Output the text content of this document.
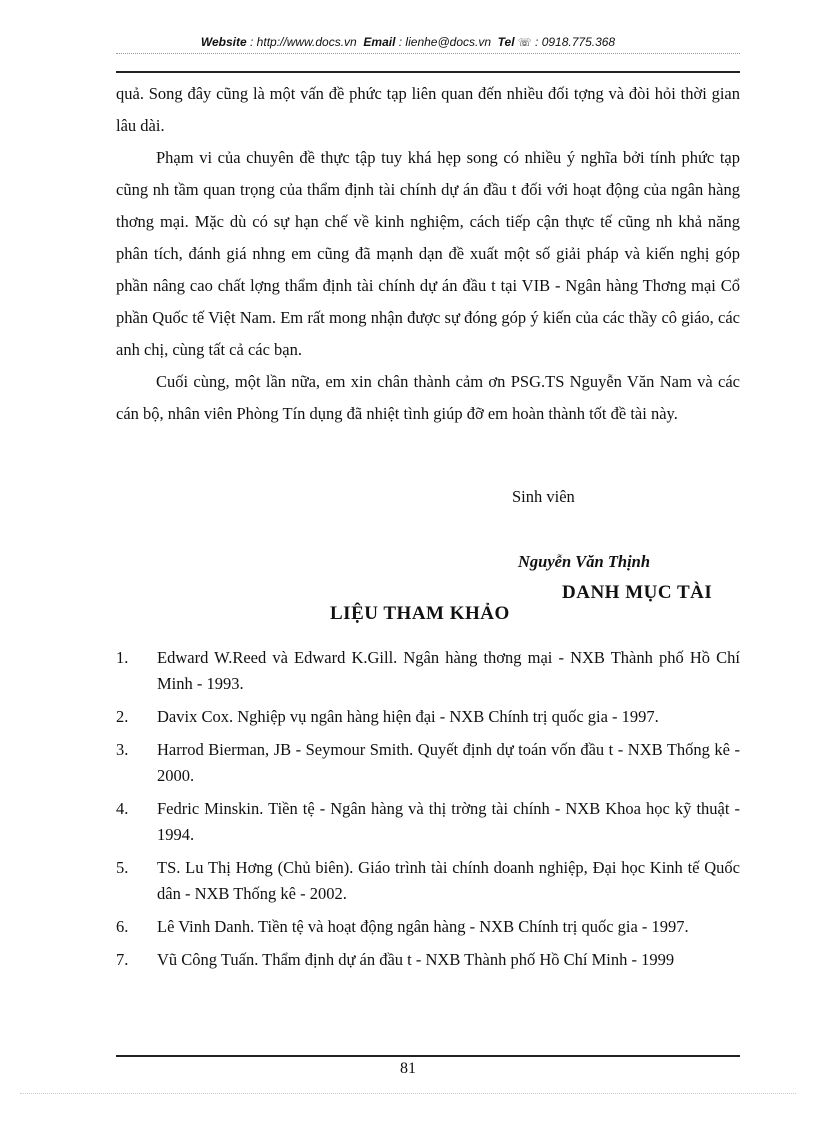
Website : http://www.docs.vn Email : lienhe@docs.vn Tel ☏ : 0918.775.368

quả. Song đây cũng là một vấn đề phức tạp liên quan đến nhiều đối tợng và đòi hỏi thời gian lâu dài.

Phạm vi của chuyên đề thực tập tuy khá hẹp song có nhiều ý nghĩa bởi tính phức tạp cũng nh tầm quan trọng của thẩm định tài chính dự án đầu t đối với hoạt động của ngân hàng thơng mại. Mặc dù có sự hạn chế về kinh nghiệm, cách tiếp cận thực tế cũng nh khả năng phân tích, đánh giá nhng em cũng đã mạnh dạn đề xuất một số giải pháp và kiến nghị góp phần nâng cao chất lợng thẩm định tài chính dự án đầu t tại VIB - Ngân hàng Thơng mại Cổ phần Quốc tế Việt Nam. Em rất mong nhận được sự đóng góp ý kiến của các thầy cô giáo, các anh chị, cùng tất cả các bạn.

Cuối cùng, một lần nữa, em xin chân thành cảm ơn PSG.TS Nguyễn Văn Nam và các cán bộ, nhân viên Phòng Tín dụng đã nhiệt tình giúp đỡ em hoàn thành tốt đề tài này.

Sinh viên
Nguyễn Văn Thịnh
DANH MỤC TÀI
LIỆU THAM KHẢO
1. Edward W.Reed và Edward K.Gill. Ngân hàng thơng mại - NXB Thành phố Hồ Chí Minh - 1993.
2. Davix Cox. Nghiệp vụ ngân hàng hiện đại - NXB Chính trị quốc gia - 1997.
3. Harrod Bierman, JB - Seymour Smith. Quyết định dự toán vốn đầu t - NXB Thống kê - 2000.
4. Fedric Minskin. Tiền tệ - Ngân hàng và thị trờng tài chính - NXB Khoa học kỹ thuật - 1994.
5. TS. Lu Thị Hơng (Chủ biên). Giáo trình tài chính doanh nghiệp, Đại học Kinh tế Quốc dân - NXB Thống kê - 2002.
6. Lê Vinh Danh. Tiền tệ và hoạt động ngân hàng - NXB Chính trị quốc gia - 1997.
7. Vũ Công Tuấn. Thẩm định dự án đầu t - NXB Thành phố Hồ Chí Minh - 1999
81
